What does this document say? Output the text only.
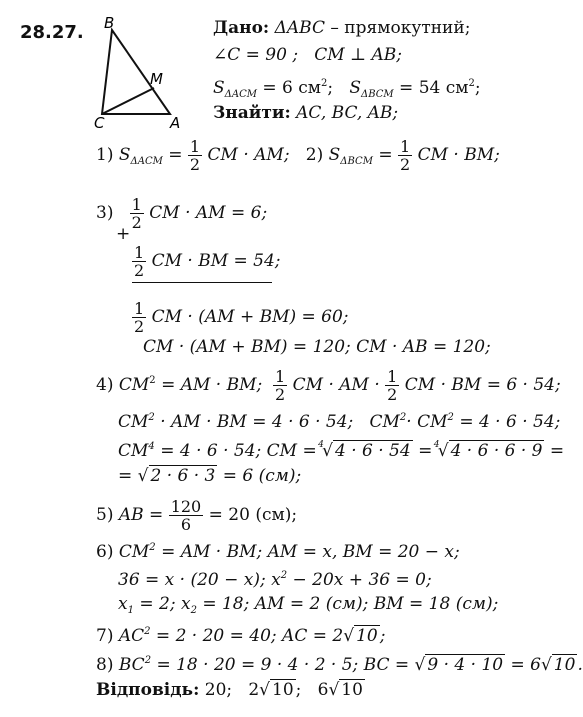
28.27. B
C	A
M
Дано: ΔABC – прямокутний;
∠C = 90 ; CM ⊥ AB;
$S_{\Delta ACM} = 6$ $см^2$;   $S_{\Delta BCM} = 54$ $см^2$;
Знайти: AC, BC, AB;
1) $S_{\Delta ACM} = \frac{1}{2}$ CM · AM; 2) $S_{\Delta BCM} = \frac{1}{2}$ CM · BM;
$3) \frac{1}{2}$ CM · AM = 6;
+
$\frac{1}{2}$ CM · BM = 54;
$\frac{1}{2}$ CM · (AM + BM) = 60;
CM · (AM + BM) = 120; CM · AB = 120;
4) $CM^2$ = AM · BM; $\frac{1}{2}$ CM · AM · $\frac{1}{2}$ CM · BM = 6 · 54;
$CM^2$ · AM · BM = 4 · 6 · 54; $CM^2\cdot CM^2 = 4 \cdot 6 \cdot 54$;
$CM^4 = 4 \cdot 6 \cdot 54$; CM = 4
√ 4 · 6 · 54 = 4
√ 4 · 6 · 6 · 9 =
= √ 2 · 6 · 3 = 6 (см);
5) AB = $\frac{120}{6} = 20$ (см);
6) $CM^2$ = AM · BM; AM = x, BM = 20 − x;
36 = x · (20 − x); $x^2 - 20x + 36 = 0$;
$x_1 = 2$; $x_2 = 18$; AM = 2 (см); BM = 18 (см);
7) $AC^2 = 2 \cdot 20 = 40$; AC = 2√ 10 ;
8) $BC^2 = 18 \cdot 20 = 9 \cdot 4 \cdot 2 \cdot 5$; BC = √ 9 · 4 · 10 = 6√ 10 .
Відповідь: 20; 2√ 10 ;   6√ 10
